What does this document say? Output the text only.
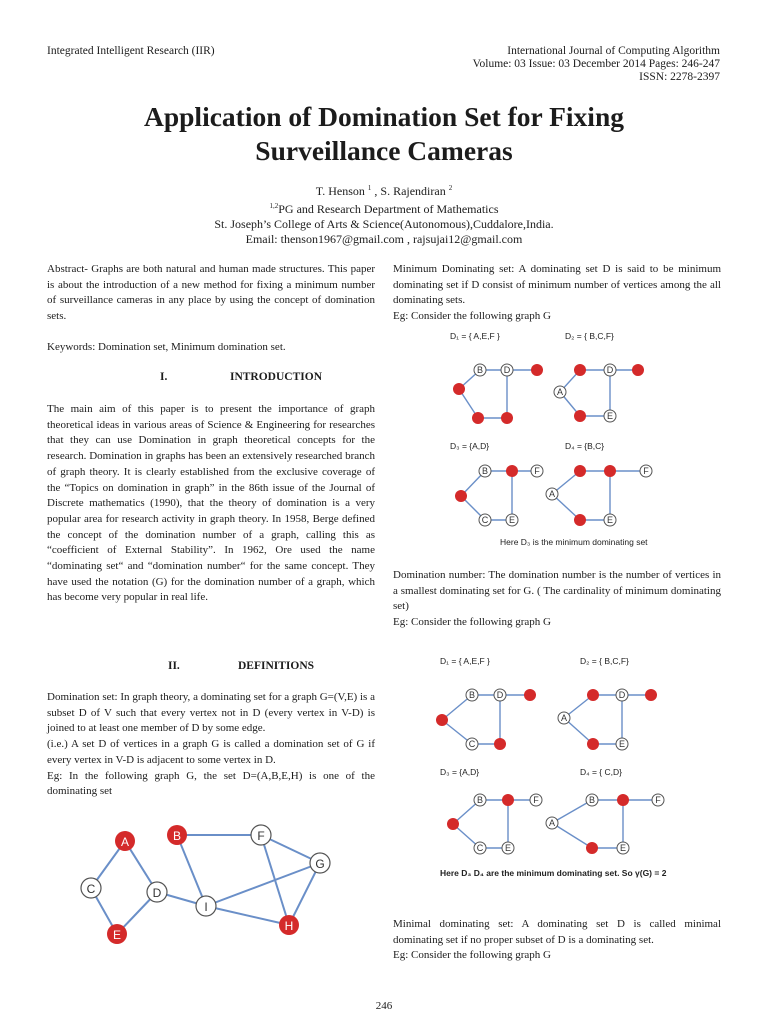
Integrated Intelligent Research (IIR)	International Journal of Computing Algorithm
Volume: 03 Issue: 03 December 2014 Pages: 246-247
ISSN: 2278-2397
Application of Domination Set for Fixing
Surveillance Cameras
T. Henson $^1$ , S. Rajendiran $^2$
$^{1,2}$PG and Research Department of Mathematics
St. Joseph’s College of Arts & Science(Autonomous),Cuddalore,India.
Email: thenson1967@gmail.com , rajsujai12@gmail.com
Abstract- Graphs are both natural and human made structures. This paper is about the introduction of a new method for fixing a minimum number of surveillance cameras in any place by using the concept of domination sets.
Keywords: Domination set, Minimum domination set.
I.	INTRODUCTION
The main aim of this paper is to present the importance of graph theoretical ideas in various areas of Science & Engineering for researches that they can use Domination in graph theoretical concepts for the research. Domination in graphs has been an extensively researched branch of graph theory. It is clearly established from the exclusive coverage of the “Topics on domination in graph” in the 86th issue of the Journal of Discrete mathematics (1990), that the theory of domination is a very popular area for research activity in graph theory. In 1958, Berge defined the concept of the domination number of a graph, calling this as “coefficient of External Stability”. In 1962, Ore used the name “dominating set“ and “domination number“ for the same concept. They have used the notation (G) for the domination number of a graph, which has become very popular in real life.
II.	DEFINITIONS

Domination set: In graph theory, a dominating set for a graph G=(V,E) is a subset D of V such that every vertex not in D (every vertex in V-D) is joined to at least one member of D by some edge.

(i.e.) A set D of vertices in a graph G is called a domination set of G if every vertex in V-D is adjacent to some vertex in D.

Eg: In the following graph G, the set D=(A,B,E,H) is one of the dominating set

A	B
C	D
E
F
G
H
I

Minimum Dominating set: A dominating set D is said to be minimum dominating set if D consist of minimum number of vertices among the all dominating sets.

Eg: Consider the following graph G

D₁ = { A,E,F }	D₂ = { B,C,F}
B D	D
A
E
D₃ = {A,D}	D₄ = {B,C}
B	F
C E
F
A
E
Here D₃ is the minimum dominating set

Domination number: The domination number is the number of vertices in a smallest dominating set for G. ( The cardinality of minimum dominating set)

Eg: Consider the following graph G

D₁ = { A,E,F }	D₂ = { B,C,F}
B D
C
D
A
E
D₃ = {A,D}	D₄ = { C,D}
B	F
C E
B	F
A
E
Here D₃ D₄ are the minimum dominating set. So γ(G) = 2

Minimal dominating set: A dominating set D is called minimal dominating set if no proper subset of D is a dominating set.

Eg: Consider the following graph G

246
